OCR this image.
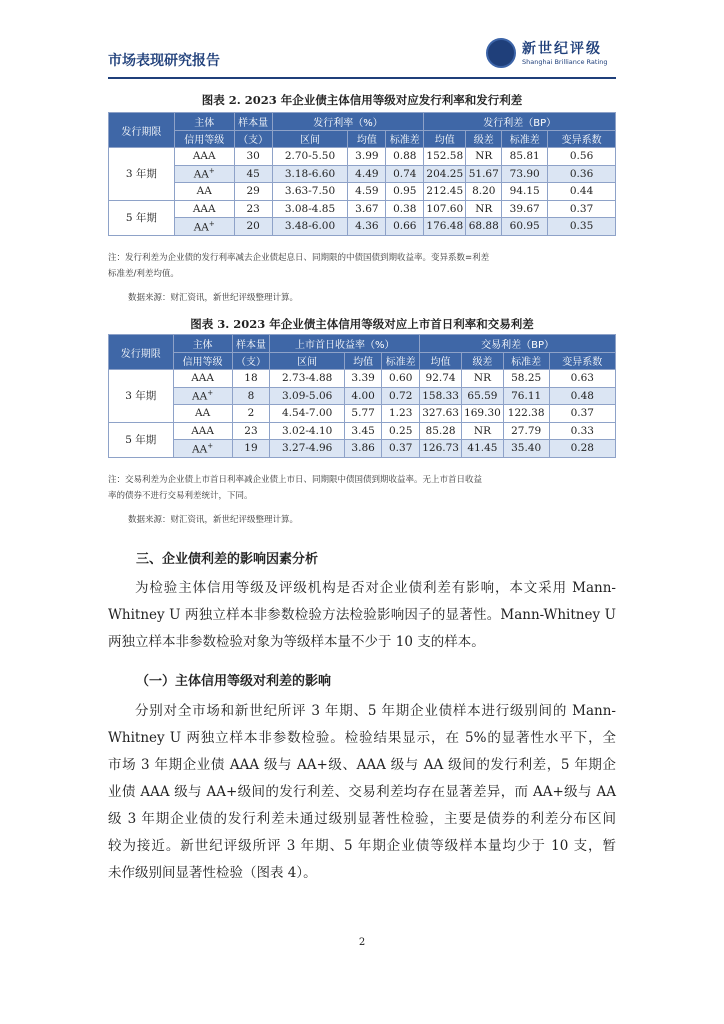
市场表现研究报告
新世纪评级
Shanghai Brilliance Rating
图表 2. 2023 年企业债主体信用等级对应发行利率和发行利差
发行期限	主体	样本量	发行利率（%）			发行利差（BP）			
	信用等级	（支）	区间	均值	标准差	均值	级差	标准差	变异系数
3 年期	AAA	30	2.70-5.50	3.99	0.88	152.58	NR	85.81	0.56
	AA+	45	3.18-6.60	4.49	0.74	204.25	51.67	73.90	0.36
	AA	29	3.63-7.50	4.59	0.95	212.45	8.20	94.15	0.44
5 年期	AAA	23	3.08-4.85	3.67	0.38	107.60	NR	39.67	0.37
	AA+	20	3.48-6.00	4.36	0.66	176.48	68.88	60.95	0.35
注：发行利差为企业债的发行利率减去企业债起息日、同期限的中债国债到期收益率。变异系数=利差
标准差/利差均值。
数据来源：财汇资讯，新世纪评级整理计算。
图表 3. 2023 年企业债主体信用等级对应上市首日利率和交易利差
发行期限	主体	样本量	上市首日收益率（%）			交易利差（BP）			
	信用等级	（支）	区间	均值	标准差	均值	级差	标准差	变异系数
3 年期	AAA	18	2.73-4.88	3.39	0.60	92.74	NR	58.25	0.63
	AA+	8	3.09-5.06	4.00	0.72	158.33	65.59	76.11	0.48
	AA	2	4.54-7.00	5.77	1.23	327.63	169.30	122.38	0.37
5 年期	AAA	23	3.02-4.10	3.45	0.25	85.28	NR	27.79	0.33
	AA+	19	3.27-4.96	3.86	0.37	126.73	41.45	35.40	0.28
注：交易利差为企业债上市首日利率减企业债上市日、同期限中债国债到期收益率。无上市首日收益
率的债券不进行交易利差统计，下同。
数据来源：财汇资讯，新世纪评级整理计算。
三、企业债利差的影响因素分析
为检验主体信用等级及评级机构是否对企业债利差有影响，本文采用 Mann-
Whitney U 两独立样本非参数检验方法检验影响因子的显著性。Mann-Whitney U
两独立样本非参数检验对象为等级样本量不少于 10 支的样本。
（一）主体信用等级对利差的影响
分别对全市场和新世纪所评 3 年期、5 年期企业债样本进行级别间的 Mann-
Whitney U 两独立样本非参数检验。检验结果显示，在 5%的显著性水平下，全
市场 3 年期企业债 AAA 级与 AA+级、AAA 级与 AA 级间的发行利差，5 年期企
业债 AAA 级与 AA+级间的发行利差、交易利差均存在显著差异，而 AA+级与 AA
级 3 年期企业债的发行利差未通过级别显著性检验，主要是债券的利差分布区间
较为接近。新世纪评级所评 3 年期、5 年期企业债等级样本量均少于 10 支，暂
未作级别间显著性检验（图表 4）。
2
